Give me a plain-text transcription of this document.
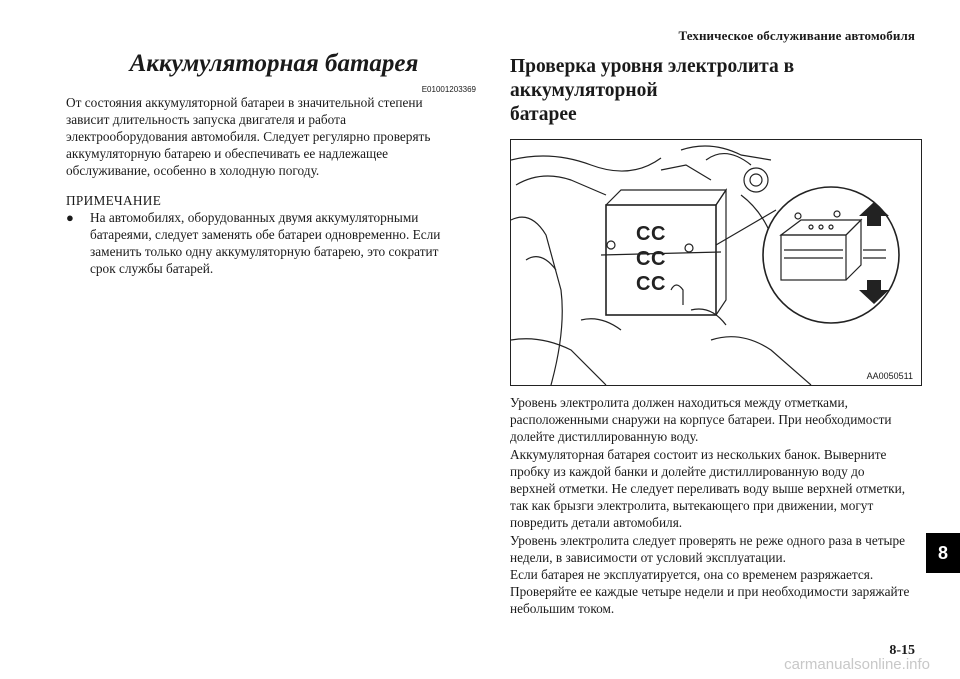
Техническое обслуживание автомобиля
Аккумуляторная батарея
E01001203369
От состояния аккумуляторной батареи в значительной степени
зависит длительность запуска двигателя и работа
электрооборудования автомобиля. Следует регулярно проверять
аккумуляторную батарею и обеспечивать ее надлежащее
обслуживание, особенно в холодную погоду.
ПРИМЕЧАНИЕ
● На автомобилях, оборудованных двумя аккумуляторными
батареями, следует заменять обе батареи одновременно. Если
заменить только одну аккумуляторную батарею, это сократит
срок службы батарей.
Проверка уровня электролита в аккумуляторной
батарее
C C
C C
C C
AA0050511

Уровень электролита должен находиться между отметками,

расположенными снаружи на корпусе батареи. При необходимости

долейте дистиллированную воду.

Аккумуляторная батарея состоит из нескольких банок. Выверните

пробку из каждой банки и долейте дистиллированную воду до

верхней отметки. Не следует переливать воду выше верхней отметки,

так как брызги электролита, вытекающего при движении, могут

повредить детали автомобиля.

Уровень электролита следует проверять не реже одного раза в четыре

недели, в зависимости от условий эксплуатации.

Если батарея не эксплуатируется, она со временем разряжается.

Проверяйте ее каждые четыре недели и при необходимости заряжайте

небольшим током.

8
8-15
carmanualsonline.info
